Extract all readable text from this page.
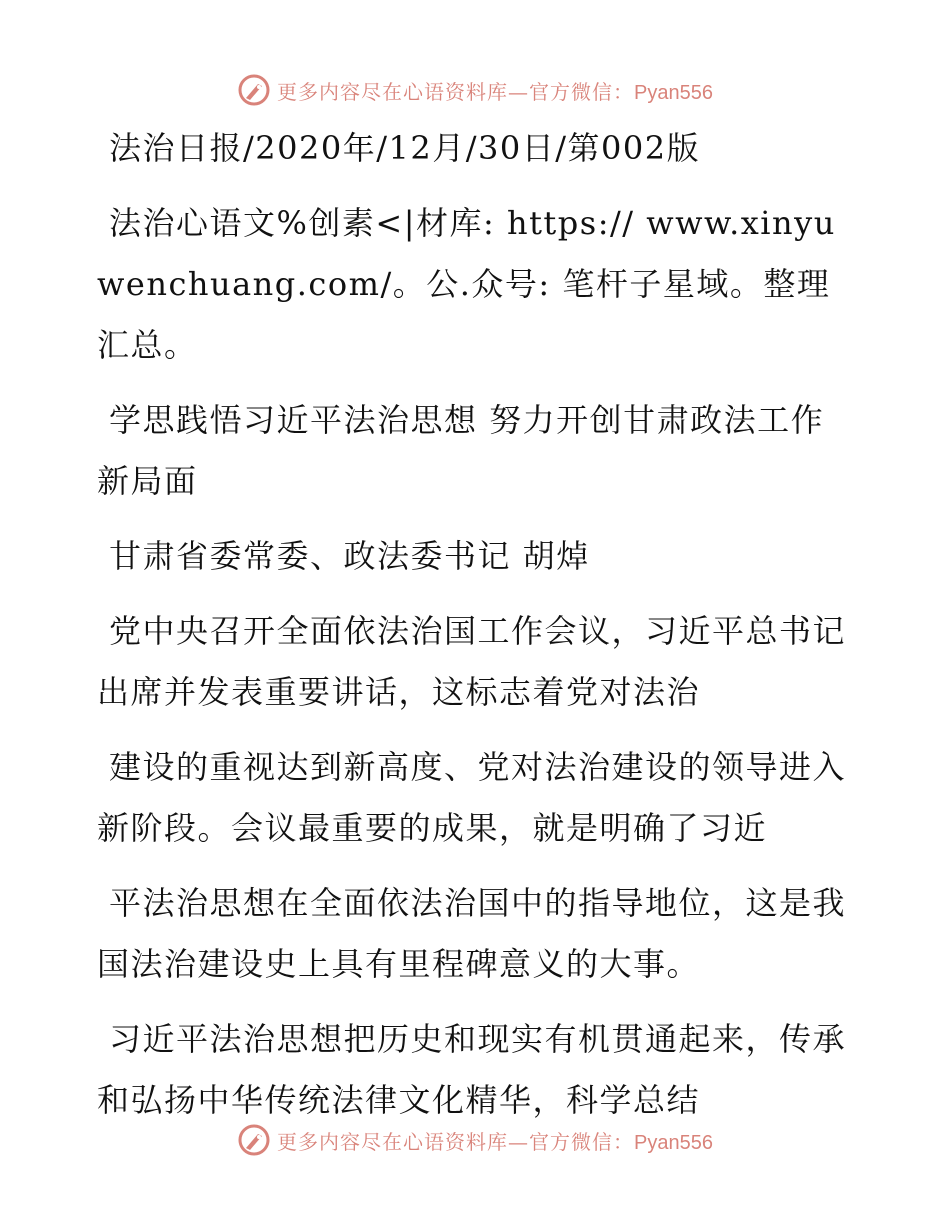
更多内容尽在心语资料库—官方微信：Pyan556

法治日报/2020年/12月/30日/第002版

法治心语文%创素<|材库: https:// www.xinyuwenchuang.com/。公.众号: 笔杆子星域。整理汇总。

学思践悟习近平法治思想 努力开创甘肃政法工作新局面

甘肃省委常委、政法委书记 胡焯

党中央召开全面依法治国工作会议，习近平总书记出席并发表重要讲话，这标志着党对法治

建设的重视达到新高度、党对法治建设的领导进入新阶段。会议最重要的成果，就是明确了习近

平法治思想在全面依法治国中的指导地位，这是我国法治建设史上具有里程碑意义的大事。

习近平法治思想把历史和现实有机贯通起来，传承和弘扬中华传统法律文化精华，科学总结

更多内容尽在心语资料库—官方微信：Pyan556
